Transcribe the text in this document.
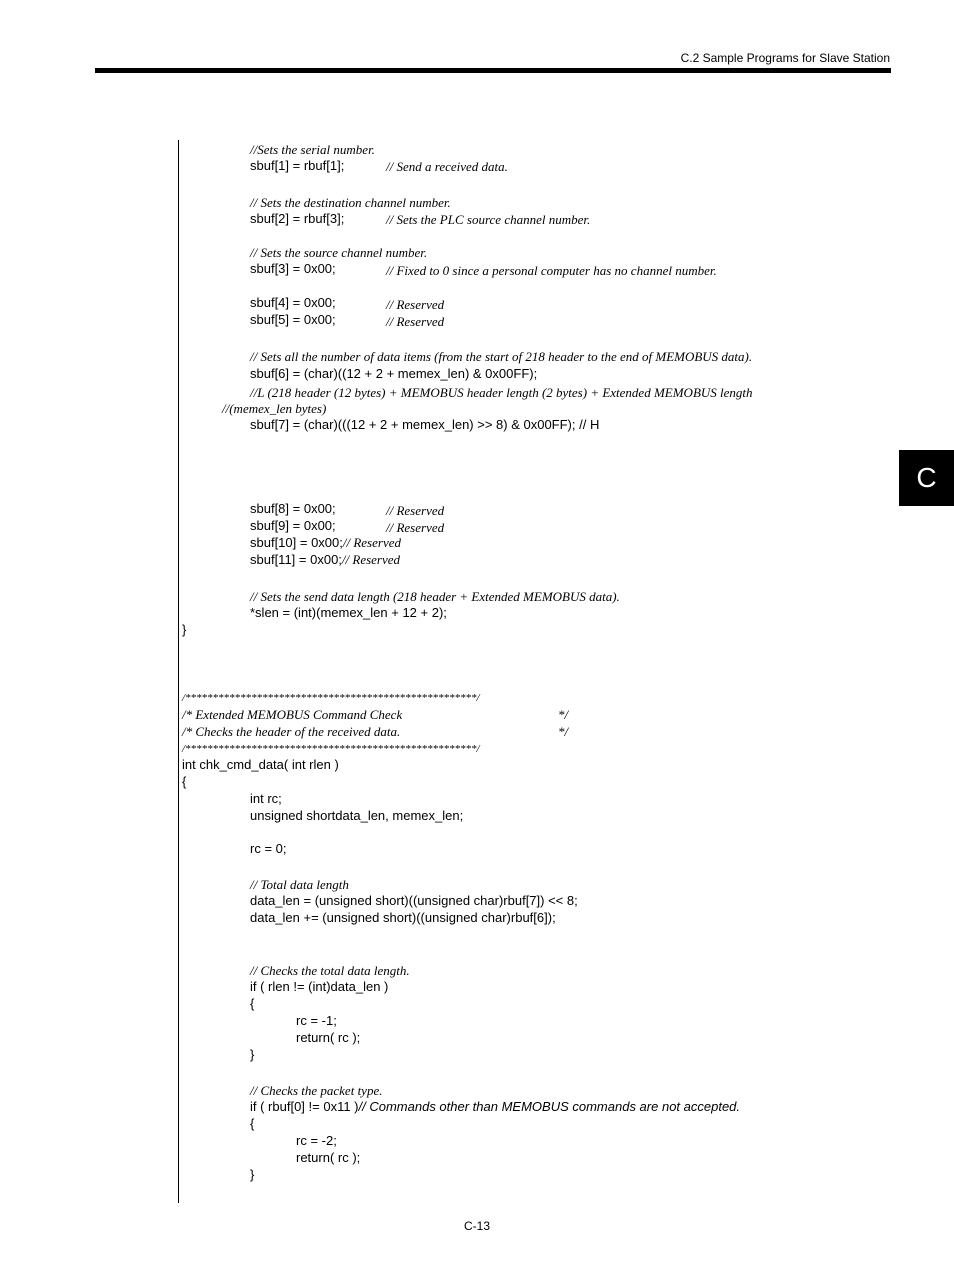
C.2 Sample Programs for Slave Station
C
//Sets the serial number.
sbuf[1] = rbuf[1];	// Send a received data.
// Sets the destination channel number.
sbuf[2] = rbuf[3];	// Sets the PLC source channel number.
// Sets the source channel number.
sbuf[3] = 0x00;	// Fixed to 0 since a personal computer has no channel number.
sbuf[4] = 0x00;	// Reserved
sbuf[5] = 0x00;	// Reserved
// Sets all the number of data items (from the start of 218 header to the end of MEMOBUS data).
sbuf[6] = (char)((12 + 2 + memex_len) & 0x00FF);
//L (218 header (12 bytes) + MEMOBUS header length (2 bytes) + Extended MEMOBUS length
//(memex_len bytes)
sbuf[7] = (char)(((12 + 2 + memex_len) >> 8) & 0x00FF); // H
sbuf[8] = 0x00;	// Reserved
sbuf[9] = 0x00;	// Reserved
sbuf[10] = 0x00;// Reserved
sbuf[11] = 0x00;// Reserved
// Sets the send data length (218 header + Extended MEMOBUS data).
*slen = (int)(memex_len + 12 + 2);
}
/*****************************************************/
/* Extended MEMOBUS Command Check	*/
/* Checks the header of the received data.	*/
/*****************************************************/
int chk_cmd_data( int rlen )
{
int rc;
unsigned shortdata_len, memex_len;
rc = 0;
// Total data length
data_len = (unsigned short)((unsigned char)rbuf[7]) << 8;
data_len += (unsigned short)((unsigned char)rbuf[6]);
// Checks the total data length.
if ( rlen != (int)data_len )
{
rc = -1;
return( rc );
}
// Checks the packet type.
if ( rbuf[0] != 0x11 )// Commands other than MEMOBUS commands are not accepted.
{
rc = -2;
return( rc );
}
C-13
